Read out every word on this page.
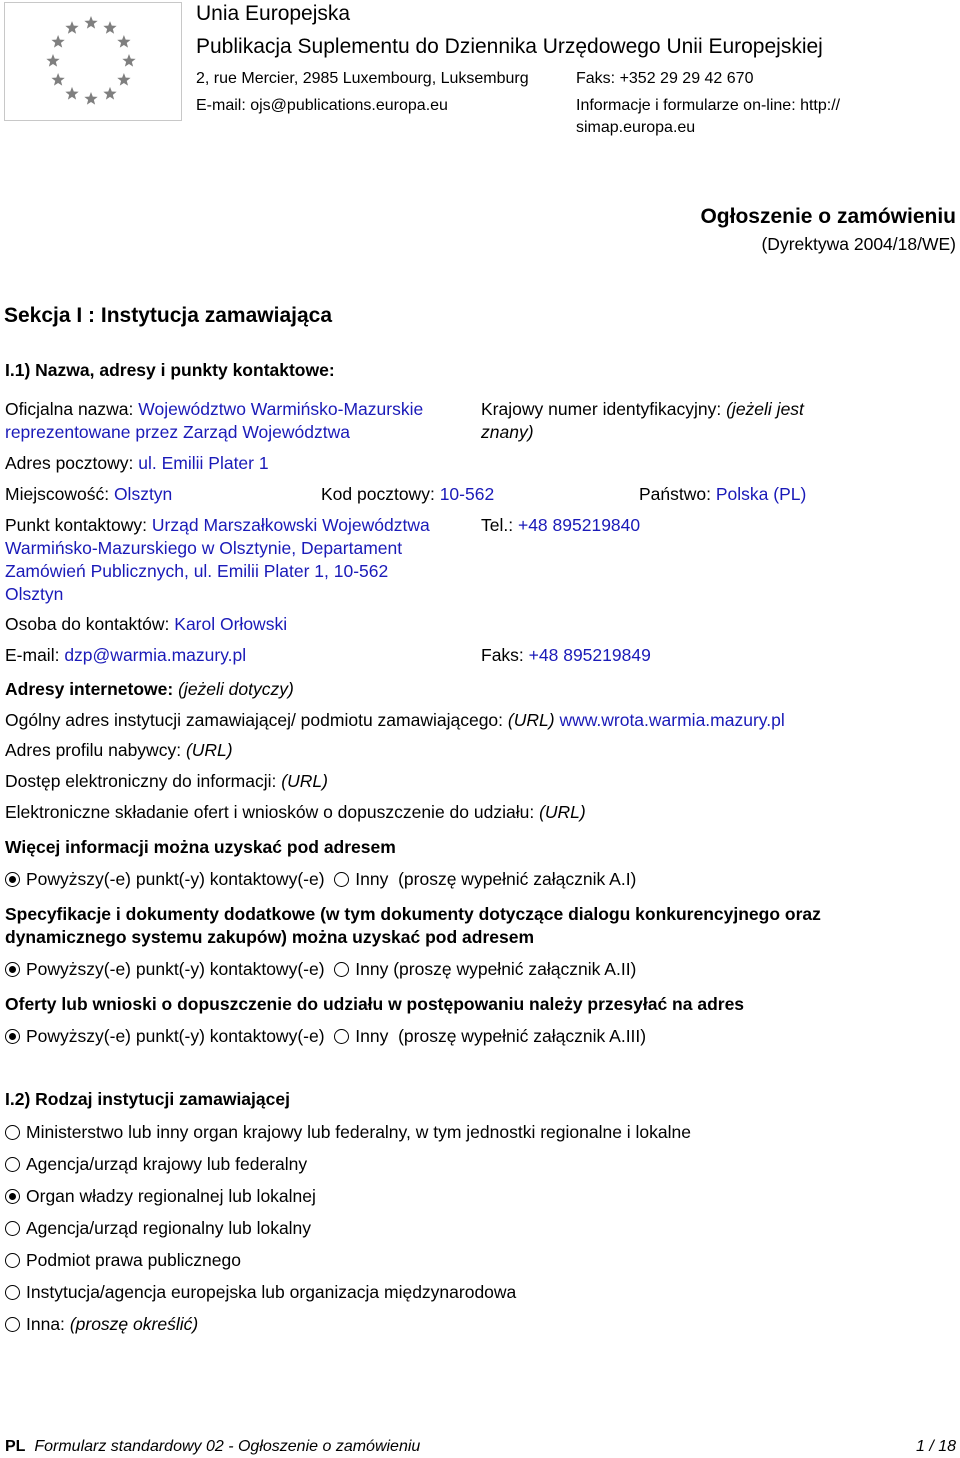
Unia Europejska
Publikacja Suplementu do Dziennika Urzędowego Unii Europejskiej
2, rue Mercier, 2985 Luxembourg, Luksemburg	Faks: +352 29 29 42 670
E-mail: ojs@publications.europa.eu	Informacje i formularze on-line: http://
simap.europa.eu
Ogłoszenie o zamówieniu
(Dyrektywa 2004/18/WE)
Sekcja I : Instytucja zamawiająca
I.1) Nazwa, adresy i punkty kontaktowe:
Oficjalna nazwa: Województwo Warmińsko-Mazurskie
reprezentowane przez Zarząd Województwa
Krajowy numer identyfikacyjny: (jeżeli jest
znany)
Adres pocztowy: ul. Emilii Plater 1
Miejscowość: Olsztyn	Kod pocztowy: 10-562	Państwo: Polska (PL)
Punkt kontaktowy: Urząd Marszałkowski Województwa
Warmińsko-Mazurskiego w Olsztynie, Departament
Zamówień Publicznych, ul. Emilii Plater 1, 10-562
Olsztyn
Tel.: +48 895219840
Osoba do kontaktów: Karol Orłowski
E-mail: dzp@warmia.mazury.pl	Faks: +48 895219849
Adresy internetowe: (jeżeli dotyczy)
Ogólny adres instytucji zamawiającej/ podmiotu zamawiającego: (URL) www.wrota.warmia.mazury.pl
Adres profilu nabywcy: (URL)
Dostęp elektroniczny do informacji: (URL)
Elektroniczne składanie ofert i wniosków o dopuszczenie do udziału: (URL)
Więcej informacji można uzyskać pod adresem
Powyższy(-e) punkt(-y) kontaktowy(-e) Inny (proszę wypełnić załącznik A.I)
Specyfikacje i dokumenty dodatkowe (w tym dokumenty dotyczące dialogu konkurencyjnego oraz
dynamicznego systemu zakupów) można uzyskać pod adresem
Powyższy(-e) punkt(-y) kontaktowy(-e) Inny (proszę wypełnić załącznik A.II)
Oferty lub wnioski o dopuszczenie do udziału w postępowaniu należy przesyłać na adres
Powyższy(-e) punkt(-y) kontaktowy(-e) Inny (proszę wypełnić załącznik A.III)
I.2) Rodzaj instytucji zamawiającej
Ministerstwo lub inny organ krajowy lub federalny, w tym jednostki regionalne i lokalne
Agencja/urząd krajowy lub federalny
Organ władzy regionalnej lub lokalnej
Agencja/urząd regionalny lub lokalny
Podmiot prawa publicznego
Instytucja/agencja europejska lub organizacja międzynarodowa
Inna: (proszę określić)
PL Formularz standardowy 02 - Ogłoszenie o zamówieniu	1 / 18
